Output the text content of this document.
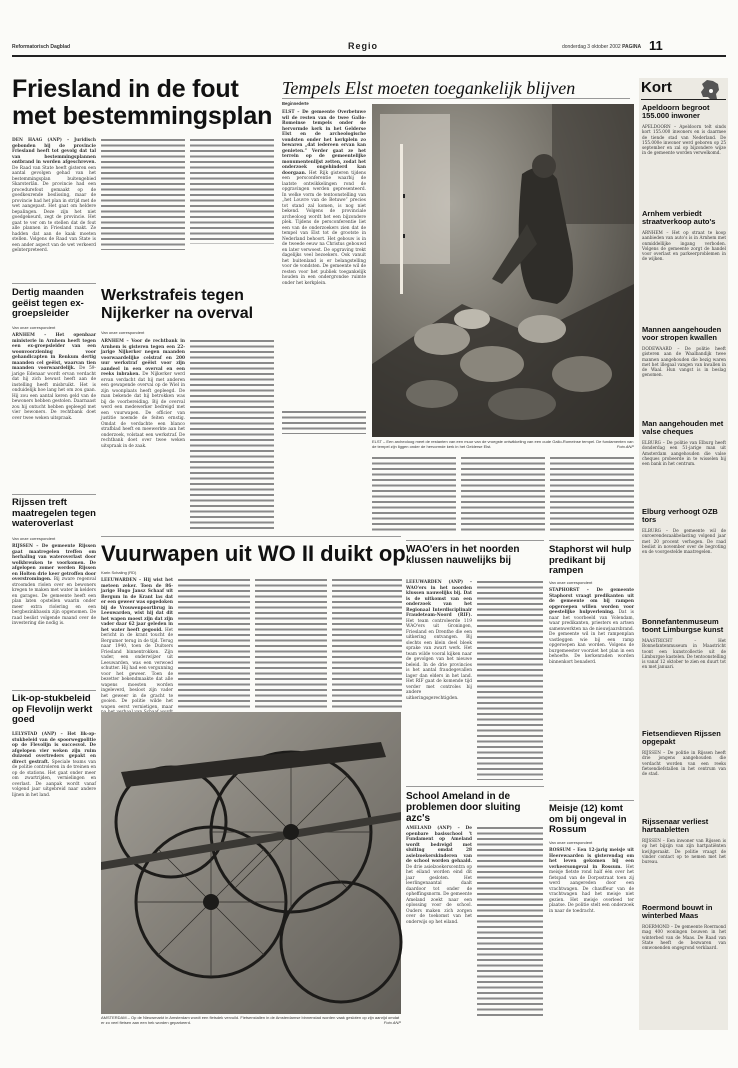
Reformatorisch Dagblad	Regio	donderdag 3 oktober 2002 PAGINA 11
Friesland in de fout met bestemmingsplan
DEN HAAG (ANP) – Juridisch gebonden bij de provincie Friesland heeft tot gevolg dat tal van bestemmingsplannen ontbrand in worden afgeschreven. De Raad van State heeft gisteren een aantal gevolgen gehad van het bestemmingsplan buitengebied Skarsterlân. De provincie had een procedurefout gemaakt op de goedkeurende beslissing, maar de provincie had het plan in strijd met de wet aangepast. Het gaat om heldere bepalingen. Deze zijn het niet goedgekeurd, zegt de provincie. Het gaat te ver om te stellen dat de fout alle plannen in Friesland raakt. Ze hadden dat aan de kaak moeten stellen. Volgens de Raad van State is een ander aspect van de wet verkeerd geïnterpreteerd.
Tempels Elst moeten toegankelijk blijven
Beginnederte
ELST – De gemeente Overbetuwe wil de resten van de twee Gallo-Romeinse tempels onder de hervormde kerk in het Gelderse Elst en de archeologische vondsten onder het kerkplein zo bewaren „dat iedereen ervan kan genieten.” Verder gaat ze het terrein op de gemeentelijke monumentenlijst zetten, zodat het onderzoek ongehinderd kan doorgaan. Het Rijk gisteren tijdens een persconferentie waarbij de laatste ontwikkelingen rond de opgravingen werden gepresenteerd. In welke vorm de tentoonstelling van „het Louvre van de Betuwe” precies tot stand zal komen, is nog niet bekend. Volgens de provinciale archeoloog wordt het een bijzondere plek. Tijdens de persconferentie liet een van de onderzoekers zien dat de tempel van Elst tot de grootste in Nederland behoort. Het gebouw is in de tweede eeuw na Christus gebouwd en later verwoest. De opgraving trekt dagelijks veel bezoekers. Ook vanuit het buitenland is er belangstelling voor de vondsten. De gemeente wil de resten voor het publiek toegankelijk houden in een ondergrondse ruimte onder het kerkplein.
ELST – Een archeoloog meet de restanten van een muur van de vroegste ontwikkeling van een oude Gallo-Romeinse tempel. De fundamenten van de tempel zijn liggen onder de hervormde kerk in het Gelderse Elst.	Foto ANP
Dertig maanden geëist tegen ex-groepsleider
Van onze correspondent
ARNHEM – Het openbaar ministerie in Arnhem heeft tegen een ex-groepsleider van een woonvoorziening voor gehandicapten in Renkum dertig maanden cel geëist, waarvan tien maanden voorwaardelijk. De 59-jarige Edenaar wordt ervan verdacht dat hij zich bewust heeft aan de instelling heeft misbruikt. Het is onduidelijk hoe lang het om zou gaan. Hij zou een aantal keren geld van de bewoners hebben gestolen. Daarnaast zou hij ontucht hebben gepleegd met vier bewoners. De rechtbank doet over twee weken uitspraak.
Werkstrafeis tegen Nijkerker na overval
Van onze correspondent
ARNHEM – Voor de rechtbank in Arnhem is gisteren tegen een 22-jarige Nijkerker negen maanden voorwaardelijke celstraf en 200 uur werkstraf geëist voor zijn aandeel in een overval en een reeks inbraken. De Nijkerker werd ervan verdacht dat hij met anderen een gewapende overval op de Wiel in zijn woonplaats heeft gepleegd. De man bekende dat hij betrokken was bij de voorbereiding. Bij de overval werd een medewerker bedreigd met een vuurwapen. De officier van justitie noemde de feiten ernstig. Omdat de verdachte een blanco strafblad heeft en meewerkte aan het onderzoek, volstaat een werkstraf. De rechtbank doet over twee weken uitspraak in de zaak.
Rijssen treft maatregelen tegen wateroverlast
Van onze correspondent
RIJSSEN – De gemeente Rijssen gaat maatregelen treffen om herhaling van wateroverlast door wolkbreuken te voorkomen. De afgelopen zomer werden Rijssen en Holten drie keer getroffen door overstromingen. Bij zware regenval stroomden riolen over en bewoners kregen te maken met water in kelders en garages. De gemeente heeft een plan laten opstellen waarin onder meer extra riolering en een bergbezinkbassin zijn opgenomen. De raad beslist volgende maand over de investering die nodig is.
Lik-op-stukbeleid op Flevolijn werkt goed
LELYSTAD (ANP) – Het lik-op-stukbeleid van de spoorwegpolitie op de Flevolijn is succesvol. De afgelopen vier weken zijn ruim duizend overtreders gepakt en direct gestraft. Speciale teams van de politie controleren in de treinen en op de stations. Het gaat onder meer om zwartrijden, vernielingen en overlast. De aanpak wordt vanaf volgend jaar uitgebreid naar andere lijnen in het land.
Vuurwapen uit WO II duikt op
Karin Schaling (RD)
LEEUWARDEN – Hij wist het meteen zeker. Toen de 86-jarige Hugo Jansz Schaaf uit Bergum in de Krant las dat er een geweer was opgedoken bij de Vrouwenpoortbrug in Leeuwarden, wist hij dat dit het wapen moest zijn dat zijn vader daar 62 jaar geleden in het water heeft gegooid. Het bericht in de krant toucht de Bergumer terug in de tijd. Terug naar 1940, toen de Duitsers Friesland binnentrokken. Zijn vader, een onderwijzer uit Leeuwarden, was een verwoed schutter. Hij had een vergunning voor het geweer. Toen de bezetter bekendmaakte dat alle wapens moesten worden ingeleverd, besloot zijn vader het geweer in de gracht te gooien. De politie wilde het wapen eerst vernietigen, maar
AMSTERDAM – Op de Nieuwmarkt in Amsterdam wordt een fietsdek vervuild. Fietsenstallen in de Amsterdamse binnenstad worden vaak gesloten op zijn aanrijd omdat er zo veel fietsen aan een hek worden geparkeerd.	Foto ANP
WAO'ers in het noorden klussen nauwelijks bij
LEEUWARDEN (ANP) – WAO'ers in het noorden klussen nauwelijks bij. Dat is de uitkomst van een onderzoek van het Regionaal Interdisciplinair Fraudeteam-Noord (RIF). Het team controleerde 119 WAO'ers uit Groningen, Friesland en Drenthe die een uitkering ontvangen. Bij slechts een klein deel bleek sprake van zwart werk. Het team wilde vooral kijken naar de gevolgen van het nieuwe beleid. In de drie provincies is het aantal fraudegevallen lager dan elders in het land. Het RIF gaat de komende tijd verder met controles bij andere uitkeringsgerechtigden.
School Ameland in de problemen door sluiting azc's
AMELAND (ANP) – De openbare basisschool 't Fundament op Ameland wordt bedreigd met sluiting omdat 28 asielzoekerskinderen van de school worden gehaald. De drie asielzoekerscentra op het eiland worden eind dit jaar gesloten. Het leerlingenaantal daalt daardoor tot onder de opheffingsnorm. De gemeente Ameland zoekt naar een oplossing voor de school. Ouders maken zich zorgen over de toekomst van het onderwijs op het eiland.
Staphorst wil hulp predikant bij rampen
Van onze correspondent
STAPHORST – De gemeente Staphorst vraagt predikanten uit de gemeente om bij rampen opgeroepen willen worden voor geestelijke hulpverlening. Dat is naar het voorbeeld van Volendam, waar predikanten, priesters en artsen samenwerkten na de nieuwjaarsbrand. De gemeente wil in het rampenplan vastleggen wie bij een ramp opgeroepen kan worden. Volgens de burgemeester voorziet het plan in een behoefte. De kerkenraden worden binnenkort benaderd.
Meisje (12) komt om bij ongeval in Rossum
Van onze correspondent
ROSSUM – Een 12-jarig meisje uit Heerewaarden is gisterendag om het leven gekomen bij een verkeersongeval in Rossum. Het meisje fietste rond half één over het fietspad van de Dorpsstraat toen zij werd aangereden door een vrachtwagen. De chauffeur van de vrachtwagen had het meisje niet gezien. Het meisje overleed ter plaatse. De politie stelt een onderzoek in naar de toedracht.
Kort
Apeldoorn begroot 155.000 inwoner
APELDOORN – Apeldoorn telt sinds kort 155.000 inwoners en is daarmee de tiende stad van Nederland. De 155.000e inwoner werd geboren op 25 september en zal op bijzondere wijze in de gemeente worden verwelkomd.
Arnhem verbiedt straatverkoop auto's
ARNHEM – Het op straat te koop aanbieden van auto's is in Arnhem met onmiddellijke ingang verboden. Volgens de gemeente zorgt de handel voor overlast en parkeerproblemen in de wijken.
Mannen aangehouden voor stropen kwallen
DODEWAARD – De politie heeft gisteren aan de Waalbandijk twee mannen aangehouden die bezig waren met het illegaal vangen van kwallen in de Waal. Hun vangst is in beslag genomen.
Man aangehouden met valse cheques
ELBURG – De politie van Elburg heeft donderdag een 51-jarige man uit Amsterdam aangehouden die valse cheques probeerde in te wisselen bij een bank in het centrum.
Elburg verhoogt OZB tors
ELBURG – De gemeente wil de onroerendezaakbelasting volgend jaar met 20 procent verhogen. De raad beslist in november over de begroting en de voorgestelde maatregelen.
Bonnefantenmuseum toont Limburgse kunst
MAASTRICHT – Het Bonnefantenmuseum in Maastricht toont een kunstcollectie uit de Limburgse kastelen. De tentoonstelling is vanaf 12 oktober te zien en duurt tot en met januari.
Fietsendieven Rijssen opgepakt
RIJSSEN – De politie in Rijssen heeft drie jongens aangehouden die verdacht worden van een reeks fietsendiefstallen in het centrum van de stad.
Rijssenaar verliest hartaabletten
RIJSSEN – Een inwoner van Rijssen is op het bijzijn van zijn hartpatiënten kwijtgeraakt. De politie vraagt de vinder contact op te nemen met het bureau.
Roermond bouwt in winterbed Maas
ROERMOND – De gemeente Roermond mag 400 woningen bouwen in het winterbed van de Maas. De Raad van State heeft de bezwaren van omwonenden ongegrond verklaard.
